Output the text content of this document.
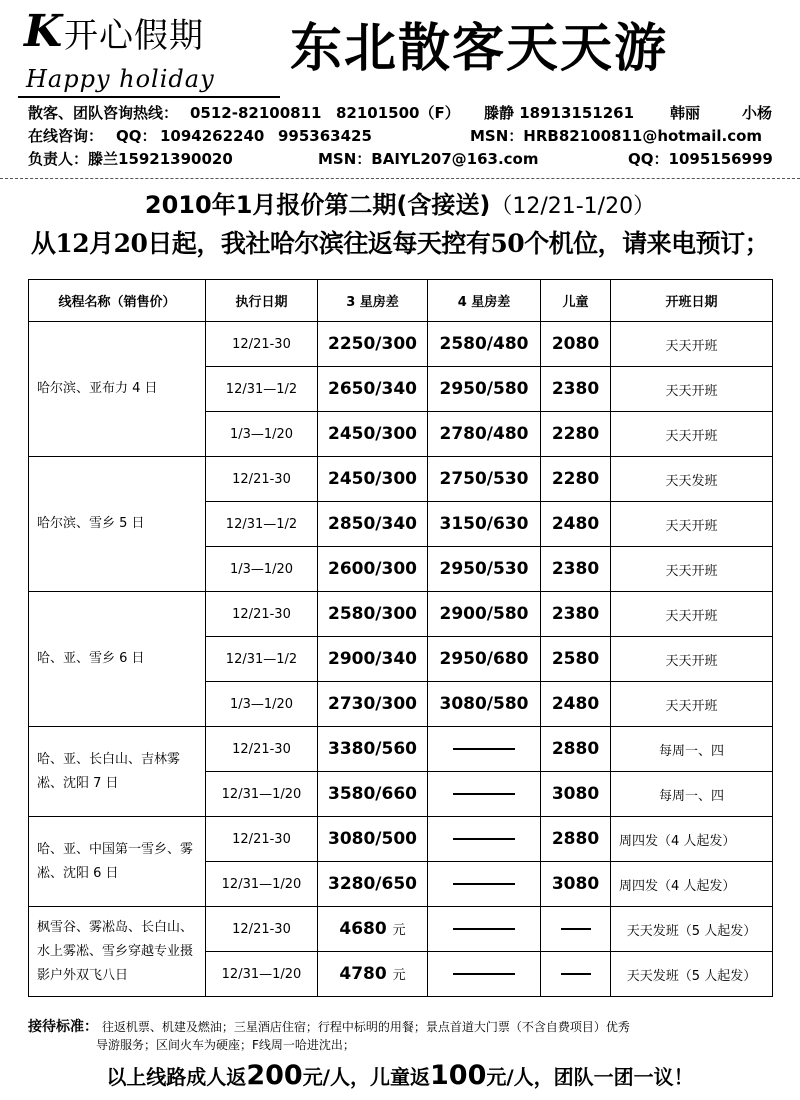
K 开心假期
Happy holiday 东北散客天天游
散客、团队咨询热线： 0512-82100811 82101500（F） 滕静 18913151261 韩丽	小杨
在线咨询： QQ： 1094262240 995363425	MSN：HRB82100811@hotmail.com
负责人：滕兰15921390020	MSN：BAIYL207@163.com	QQ：1095156999
2010年1月报价第二期(含接送)（12/21-1/20）
从12月20日起，我社哈尔滨往返每天控有50个机位，请来电预订；
线程名称（销售价）	执行日期	3 星房差	4 星房差	儿童	开班日期
哈尔滨、亚布力 4 日	12/21-30	2250/300	2580/480	2080	天天开班
	12/31—1/2	2650/340	2950/580	2380	天天开班
	1/3—1/20	2450/300	2780/480	2280	天天开班
哈尔滨、雪乡 5 日	12/21-30	2450/300	2750/530	2280	天天发班
	12/31—1/2	2850/340	3150/630	2480	天天开班
	1/3—1/20	2600/300	2950/530	2380	天天开班
哈、亚、雪乡 6 日	12/21-30	2580/300	2900/580	2380	天天开班
	12/31—1/2	2900/340	2950/680	2580	天天开班
	1/3—1/20	2730/300	3080/580	2480	天天开班
哈、亚、长白山、吉林雾凇、沈阳 7 日	12/21-30	3380/560		2880	每周一、四
	12/31—1/20	3580/660		3080	每周一、四
哈、亚、中国第一雪乡、雾凇、沈阳 6 日	12/21-30	3080/500		2880	周四发（4 人起发）
	12/31—1/20	3280/650		3080	周四发（4 人起发）
枫雪谷、雾凇岛、长白山、水上雾凇、雪乡穿越专业摄影户外双飞八日	12/21-30	4680 元			天天发班（5 人起发）
	12/31—1/20	4780 元			天天发班（5 人起发）
接待标准： 往返机票、机建及燃油；三星酒店住宿；行程中标明的用餐；景点首道大门票（不含自费项目）优秀
导游服务；区间火车为硬座；F线周一哈进沈出；
以上线路成人返200元/人，儿童返100元/人，团队一团一议！
